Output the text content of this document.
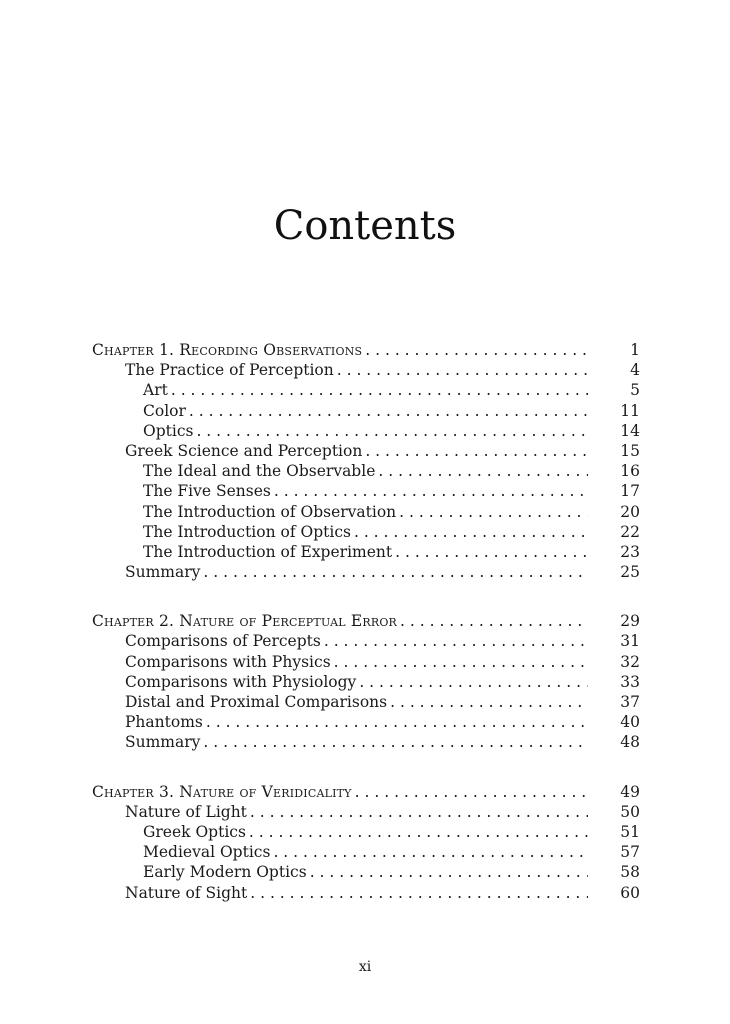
Contents
Chapter 1. Recording Observations . . .	1
The Practice of Perception . . .	4
Art . . .	5
Color . . .	11
Optics . . .	14
Greek Science and Perception . . .	15
The Ideal and the Observable . . .	16
The Five Senses . . .	17
The Introduction of Observation . . .	20
The Introduction of Optics . . .	22
The Introduction of Experiment . . .	23
Summary . . .	25
Chapter 2. Nature of Perceptual Error . . .	29
Comparisons of Percepts . . .	31
Comparisons with Physics . . .	32
Comparisons with Physiology . . .	33
Distal and Proximal Comparisons . . .	37
Phantoms . . .	40
Summary . . .	48
Chapter 3. Nature of Veridicality . . .	49
Nature of Light . . .	50
Greek Optics . . .	51
Medieval Optics . . .	57
Early Modern Optics . . .	58
Nature of Sight . . .	60
xi
